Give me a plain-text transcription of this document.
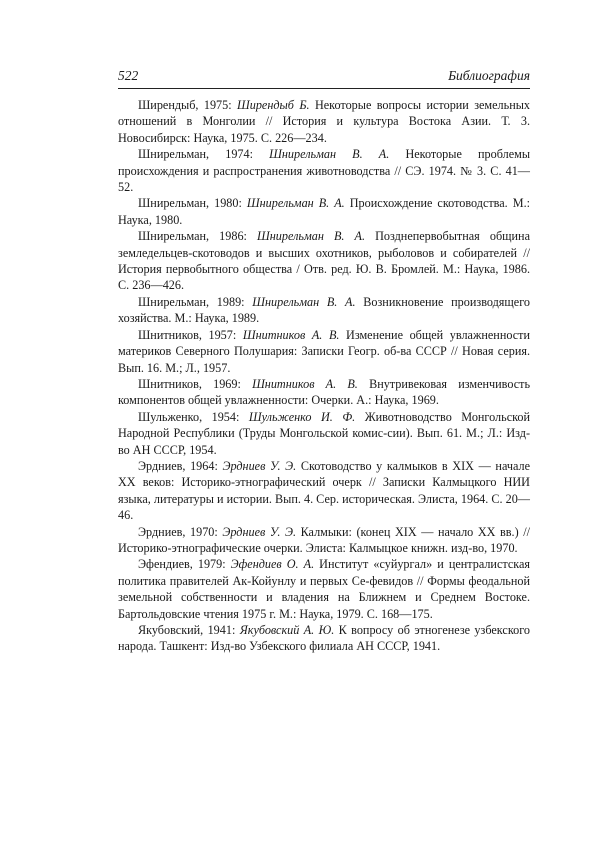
522	Библиография

Ширендыб, 1975: Ширендыб Б. Некоторые вопросы истории земельных отношений в Монголии // История и культура Востока Азии. Т. 3. Новосибирск: Наука, 1975. С. 226—234.

Шнирельман, 1974: Шнирельман В. А. Некоторые проблемы происхождения и распространения животноводства // СЭ. 1974. № 3. С. 41—52.

Шнирельман, 1980: Шнирельман В. А. Происхождение скотоводства. М.: Наука, 1980.

Шнирельман, 1986: Шнирельман В. А. Позднепервобытная община земледельцев-скотоводов и высших охотников, рыболовов и собирателей // История первобытного общества / Отв. ред. Ю. В. Бромлей. М.: Наука, 1986. С. 236—426.

Шнирельман, 1989: Шнирельман В. А. Возникновение производящего хозяйства. М.: Наука, 1989.

Шнитников, 1957: Шнитников А. В. Изменение общей увлажненности материков Северного Полушария: Записки Геогр. об-ва СССР // Новая серия. Вып. 16. М.; Л., 1957.

Шнитников, 1969: Шнитников А. В. Внутривековая изменчивость компонентов общей увлажненности: Очерки. А.: Наука, 1969.

Шульженко, 1954: Шульженко И. Ф. Животноводство Монгольской Народной Республики (Труды Монгольской комис-сии). Вып. 61. М.; Л.: Изд-во АН СССР, 1954.

Эрдниев, 1964: Эрдниев У. Э. Скотоводство у калмыков в XIX — начале XX веков: Историко-этнографический очерк // Записки Калмыцкого НИИ языка, литературы и истории. Вып. 4. Сер. историческая. Элиста, 1964. С. 20—46.

Эрдниев, 1970: Эрдниев У. Э. Калмыки: (конец XIX — начало XX вв.) // Историко-этнографические очерки. Элиста: Калмыцкое книжн. изд-во, 1970.

Эфендиев, 1979: Эфендиев О. А. Институт «суйургал» и централистская политика правителей Ак-Койунлу и первых Се-февидов // Формы феодальной земельной собственности и владения на Ближнем и Среднем Востоке. Бартольдовские чтения 1975 г. М.: Наука, 1979. С. 168—175.

Якубовский, 1941: Якубовский А. Ю. К вопросу об этногенезе узбекского народа. Ташкент: Изд-во Узбекского филиала АН СССР, 1941.
